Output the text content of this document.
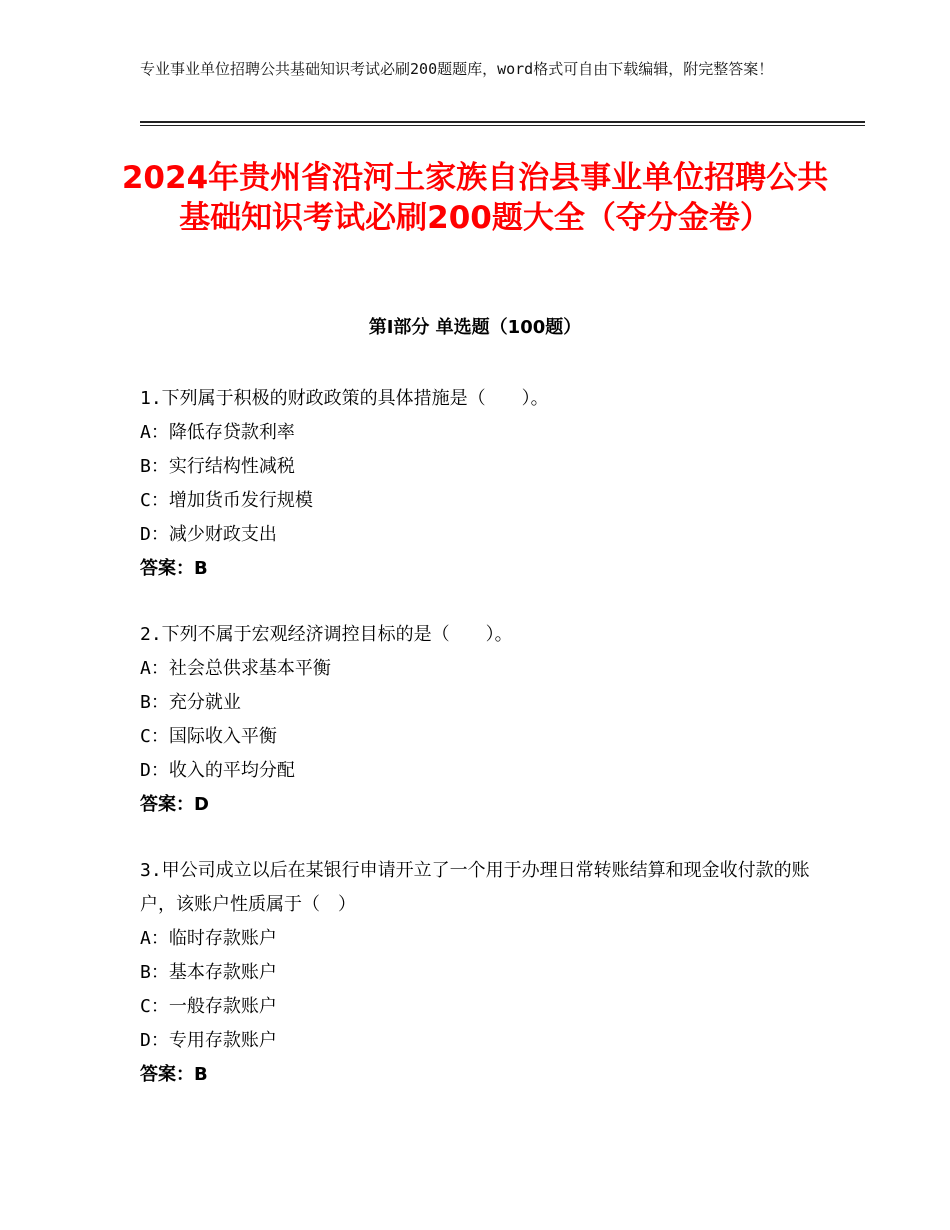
专业事业单位招聘公共基础知识考试必刷200题题库，word格式可自由下载编辑，附完整答案！
2024年贵州省沿河土家族自治县事业单位招聘公共基础知识考试必刷200题大全（夺分金卷）
第Ⅰ部分 单选题（100题）
1.下列属于积极的财政政策的具体措施是（　　）。
A：降低存贷款利率
B：实行结构性减税
C：增加货币发行规模
D：减少财政支出
答案：B
2.下列不属于宏观经济调控目标的是（　　）。
A：社会总供求基本平衡
B：充分就业
C：国际收入平衡
D：收入的平均分配
答案：D
3.甲公司成立以后在某银行申请开立了一个用于办理日常转账结算和现金收付款的账户，该账户性质属于（　）
A：临时存款账户
B：基本存款账户
C：一般存款账户
D：专用存款账户
答案：B
